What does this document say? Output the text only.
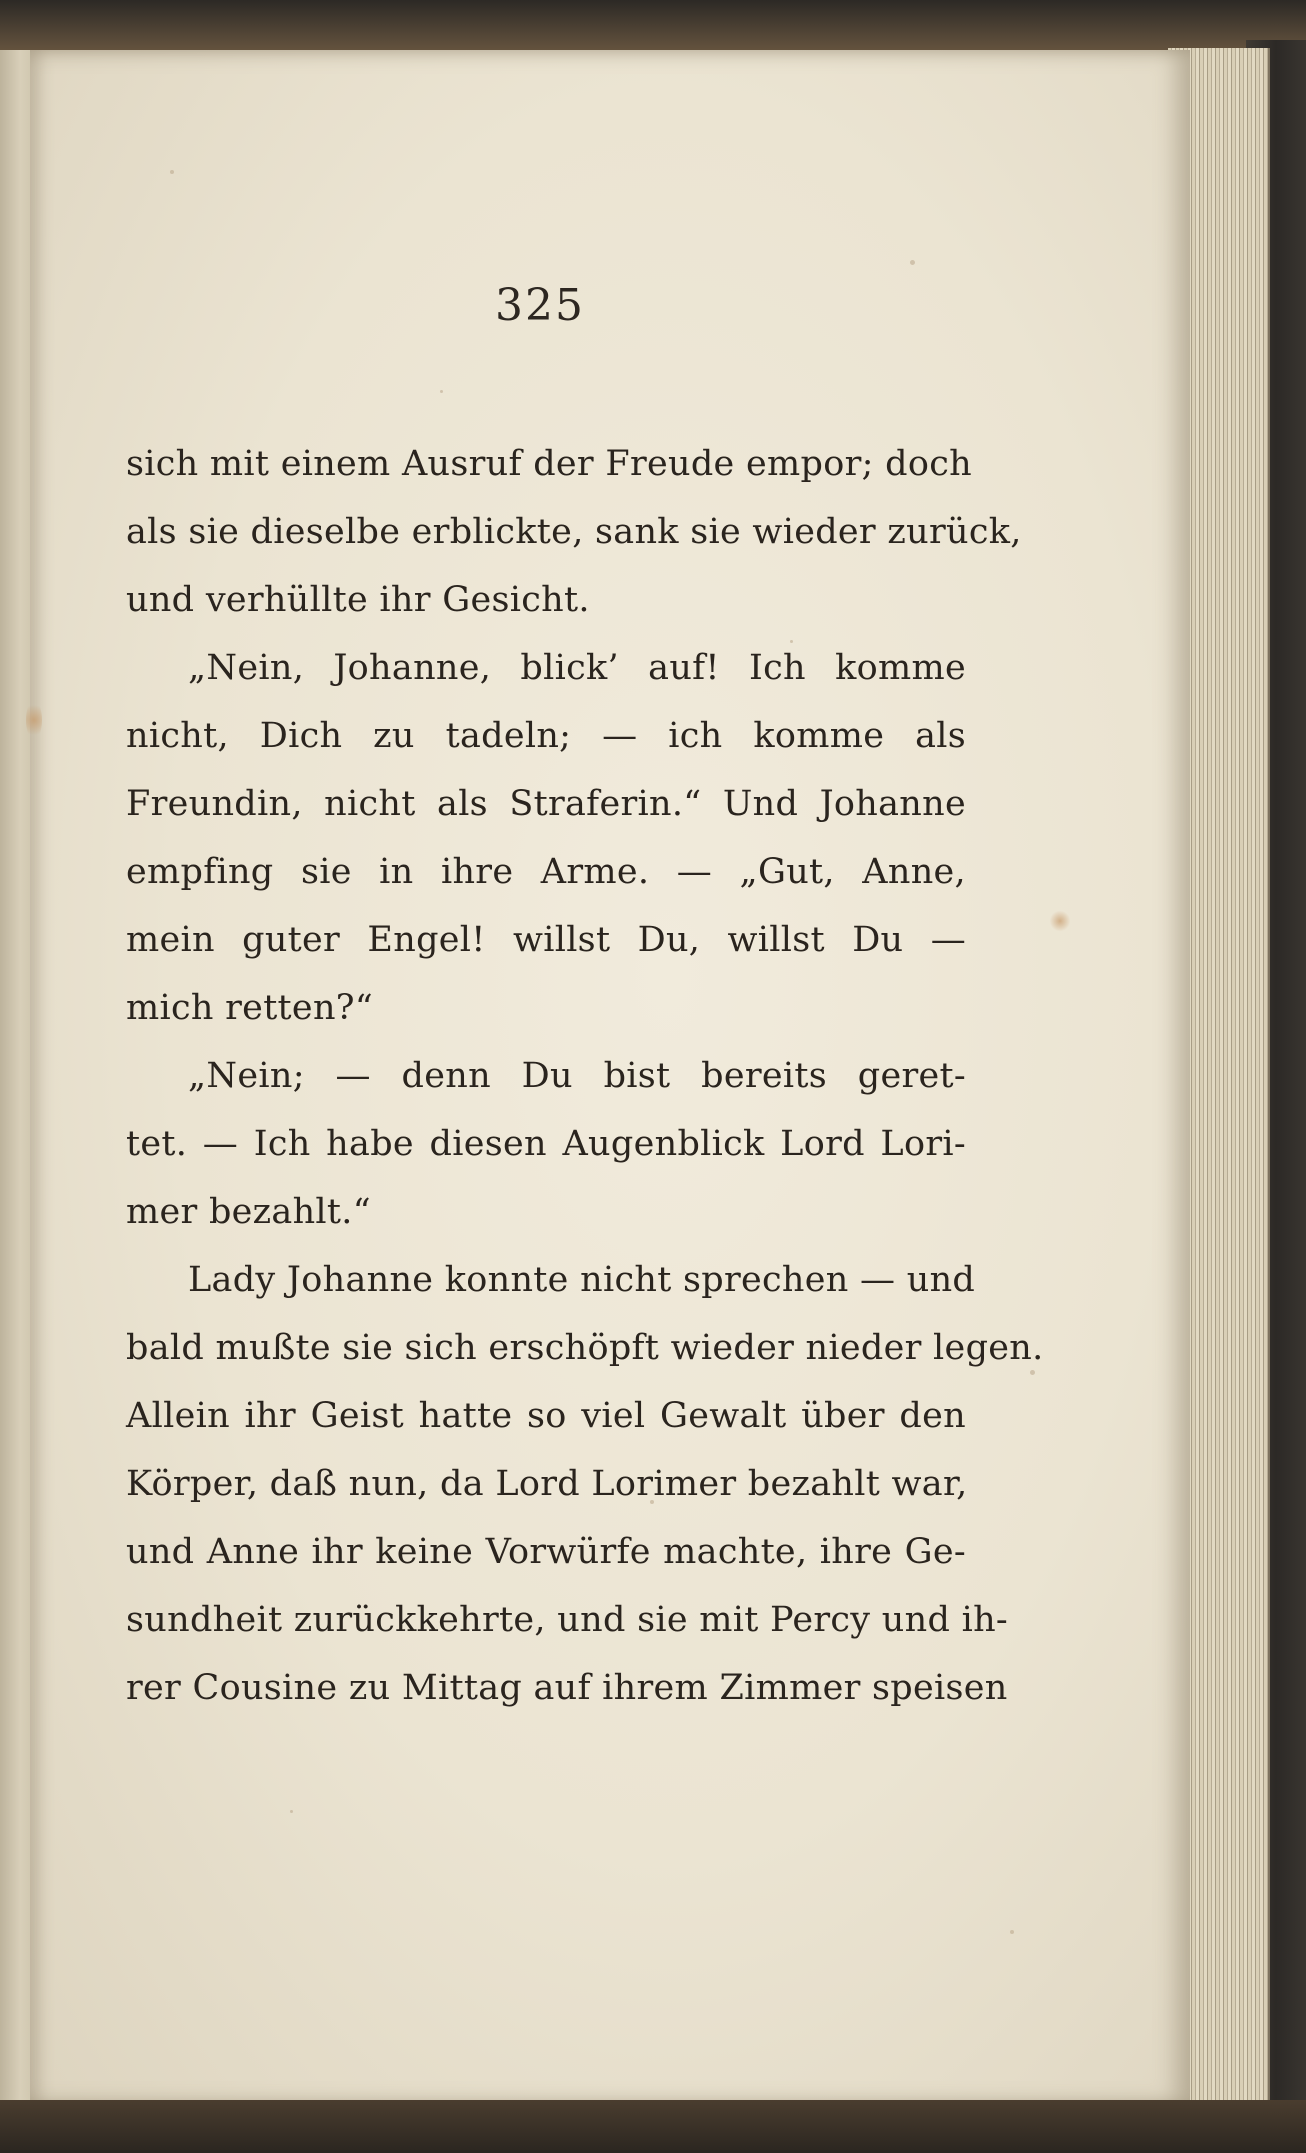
325
sich mit einem Ausruf der Freude empor; doch
als sie dieselbe erblickte, sank sie wieder zurück,
und verhüllte ihr Gesicht.
„Nein, Johanne, blick’ auf! Ich komme
nicht, Dich zu tadeln; — ich komme als
Freundin, nicht als Straferin.“ Und Johanne
empfing sie in ihre Arme. — „Gut, Anne,
mein guter Engel! willst Du, willst Du —
mich retten?“
„Nein; — denn Du bist bereits geret-
tet. — Ich habe diesen Augenblick Lord Lori-
mer bezahlt.“
Lady Johanne konnte nicht sprechen — und
bald mußte sie sich erschöpft wieder nieder legen.
Allein ihr Geist hatte so viel Gewalt über den
Körper, daß nun, da Lord Lorimer bezahlt war,
und Anne ihr keine Vorwürfe machte, ihre Ge-
sundheit zurückkehrte, und sie mit Percy und ih-
rer Cousine zu Mittag auf ihrem Zimmer speisen
